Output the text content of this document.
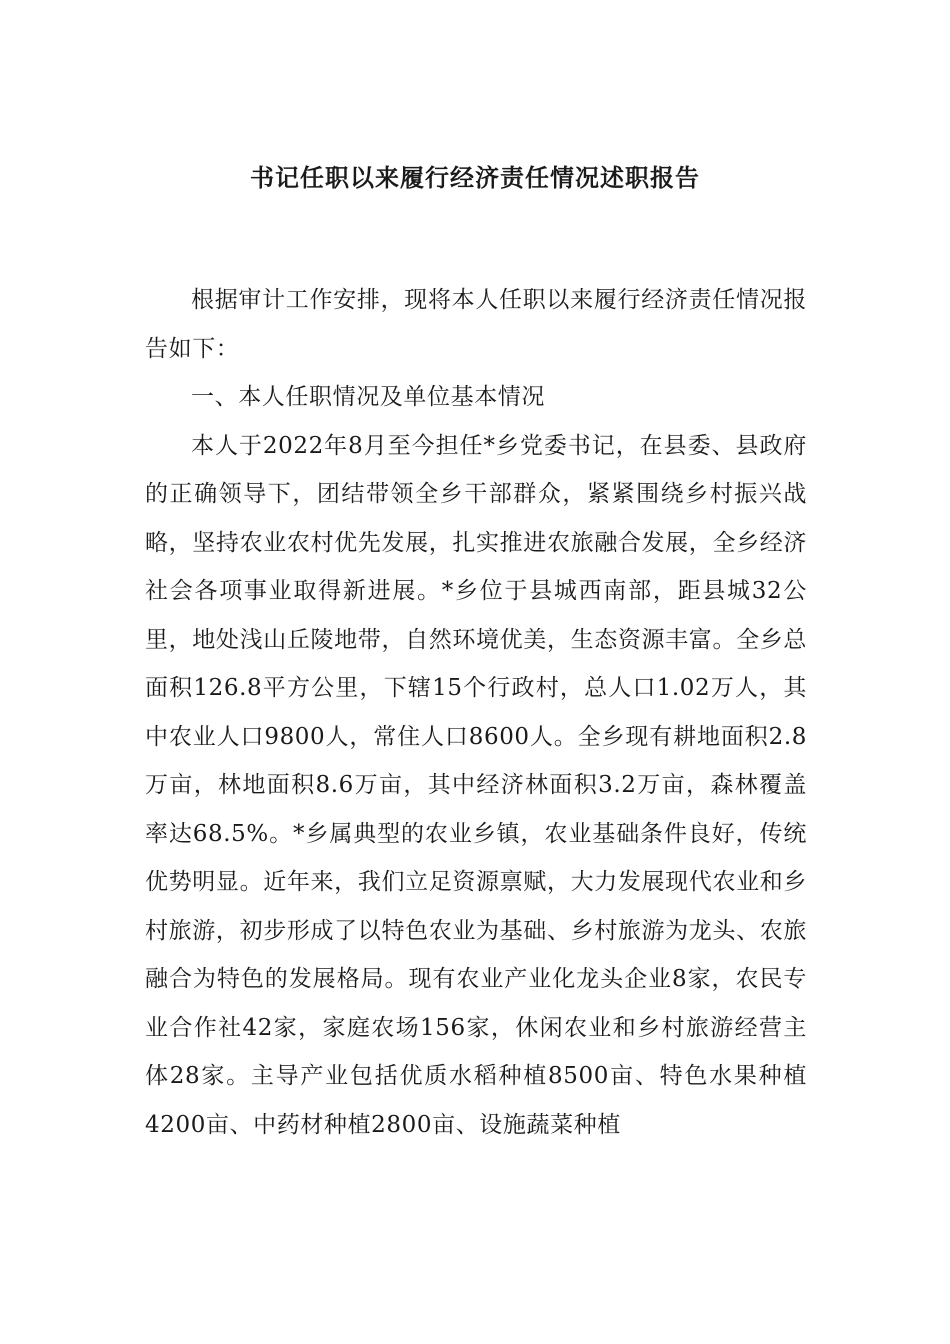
书记任职以来履行经济责任情况述职报告

根据审计工作安排，现将本人任职以来履行经济责任情况报告如下：

一、本人任职情况及单位基本情况

本人于2022年8月至今担任*乡党委书记，在县委、县政府的正确领导下，团结带领全乡干部群众，紧紧围绕乡村振兴战略，坚持农业农村优先发展，扎实推进农旅融合发展，全乡经济社会各项事业取得新进展。*乡位于县城西南部，距县城32公里，地处浅山丘陵地带，自然环境优美，生态资源丰富。全乡总面积126.8平方公里，下辖15个行政村，总人口1.02万人，其中农业人口9800人，常住人口8600人。全乡现有耕地面积2.8万亩，林地面积8.6万亩，其中经济林面积3.2万亩，森林覆盖率达68.5%。*乡属典型的农业乡镇，农业基础条件良好，传统优势明显。近年来，我们立足资源禀赋，大力发展现代农业和乡村旅游，初步形成了以特色农业为基础、乡村旅游为龙头、农旅融合为特色的发展格局。现有农业产业化龙头企业8家，农民专业合作社42家，家庭农场156家，休闲农业和乡村旅游经营主体28家。主导产业包括优质水稻种植8500亩、特色水果种植4200亩、中药材种植2800亩、设施蔬菜种植
